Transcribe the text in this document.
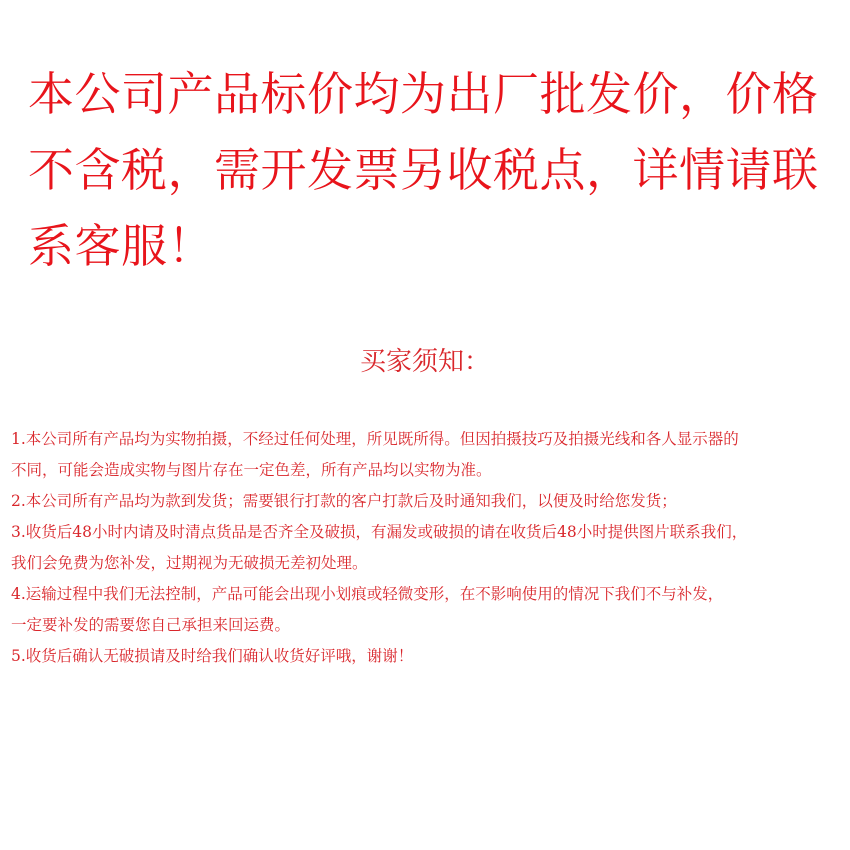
本公司产品标价均为出厂批发价，价格
不含税，需开发票另收税点，详情请联
系客服！
买家须知：
1.本公司所有产品均为实物拍摄，不经过任何处理，所见既所得。但因拍摄技巧及拍摄光线和各人显示器的
不同，可能会造成实物与图片存在一定色差，所有产品均以实物为准。
2.本公司所有产品均为款到发货；需要银行打款的客户打款后及时通知我们，以便及时给您发货；
3.收货后48小时内请及时清点货品是否齐全及破损，有漏发或破损的请在收货后48小时提供图片联系我们，
我们会免费为您补发，过期视为无破损无差初处理。
4.运输过程中我们无法控制，产品可能会出现小划痕或轻微变形，在不影响使用的情况下我们不与补发，
一定要补发的需要您自己承担来回运费。
5.收货后确认无破损请及时给我们确认收货好评哦，谢谢！
